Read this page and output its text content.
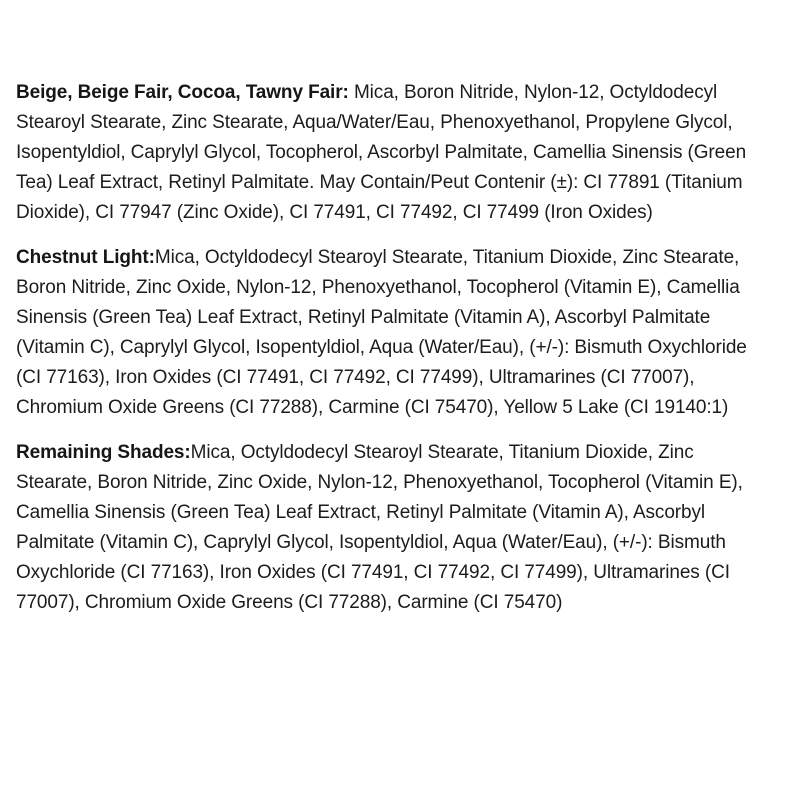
Beige, Beige Fair, Cocoa, Tawny Fair: Mica, Boron Nitride, Nylon-12, Octyldodecyl Stearoyl Stearate, Zinc Stearate, Aqua/Water/Eau, Phenoxyethanol, Propylene Glycol, Isopentyldiol, Caprylyl Glycol, Tocopherol, Ascorbyl Palmitate, Camellia Sinensis (Green Tea) Leaf Extract, Retinyl Palmitate. May Contain/Peut Contenir (±): CI 77891 (Titanium Dioxide), CI 77947 (Zinc Oxide), CI 77491, CI 77492, CI 77499 (Iron Oxides)

Chestnut Light:Mica, Octyldodecyl Stearoyl Stearate, Titanium Dioxide, Zinc Stearate, Boron Nitride, Zinc Oxide, Nylon-12, Phenoxyethanol, Tocopherol (Vitamin E), Camellia Sinensis (Green Tea) Leaf Extract, Retinyl Palmitate (Vitamin A), Ascorbyl Palmitate (Vitamin C), Caprylyl Glycol, Isopentyldiol, Aqua (Water/Eau), (+/-): Bismuth Oxychloride (CI 77163), Iron Oxides (CI 77491, CI 77492, CI 77499), Ultramarines (CI 77007), Chromium Oxide Greens (CI 77288), Carmine (CI 75470), Yellow 5 Lake (CI 19140:1)

Remaining Shades:Mica, Octyldodecyl Stearoyl Stearate, Titanium Dioxide, Zinc Stearate, Boron Nitride, Zinc Oxide, Nylon-12, Phenoxyethanol, Tocopherol (Vitamin E), Camellia Sinensis (Green Tea) Leaf Extract, Retinyl Palmitate (Vitamin A), Ascorbyl Palmitate (Vitamin C), Caprylyl Glycol, Isopentyldiol, Aqua (Water/Eau), (+/-): Bismuth Oxychloride (CI 77163), Iron Oxides (CI 77491, CI 77492, CI 77499), Ultramarines (CI 77007), Chromium Oxide Greens (CI 77288), Carmine (CI 75470)
